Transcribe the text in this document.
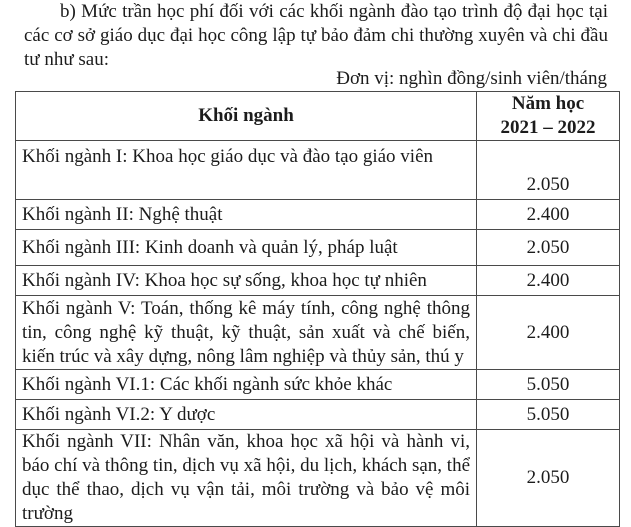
b) Mức trần học phí đối với các khối ngành đào tạo trình độ đại học tại các cơ sở giáo dục đại học công lập tự bảo đảm chi thường xuyên và chi đầu tư như sau:

Đơn vị: nghìn đồng/sinh viên/tháng

Khối ngành	Năm học
2021 – 2022

Khối ngành I: Khoa học giáo dục và đào tạo giáo viên	2.050
Khối ngành II: Nghệ thuật	2.400
Khối ngành III: Kinh doanh và quản lý, pháp luật	2.050
Khối ngành IV: Khoa học sự sống, khoa học tự nhiên	2.400
Khối ngành V: Toán, thống kê máy tính, công nghệ thông tin, công nghệ kỹ thuật, kỹ thuật, sản xuất và chế biến, kiến trúc và xây dựng, nông lâm nghiệp và thủy sản, thú y	2.400
Khối ngành VI.1: Các khối ngành sức khỏe khác	5.050
Khối ngành VI.2: Y dược	5.050
Khối ngành VII: Nhân văn, khoa học xã hội và hành vi, báo chí và thông tin, dịch vụ xã hội, du lịch, khách sạn, thể dục thể thao, dịch vụ vận tải, môi trường và bảo vệ môi trường	2.050
